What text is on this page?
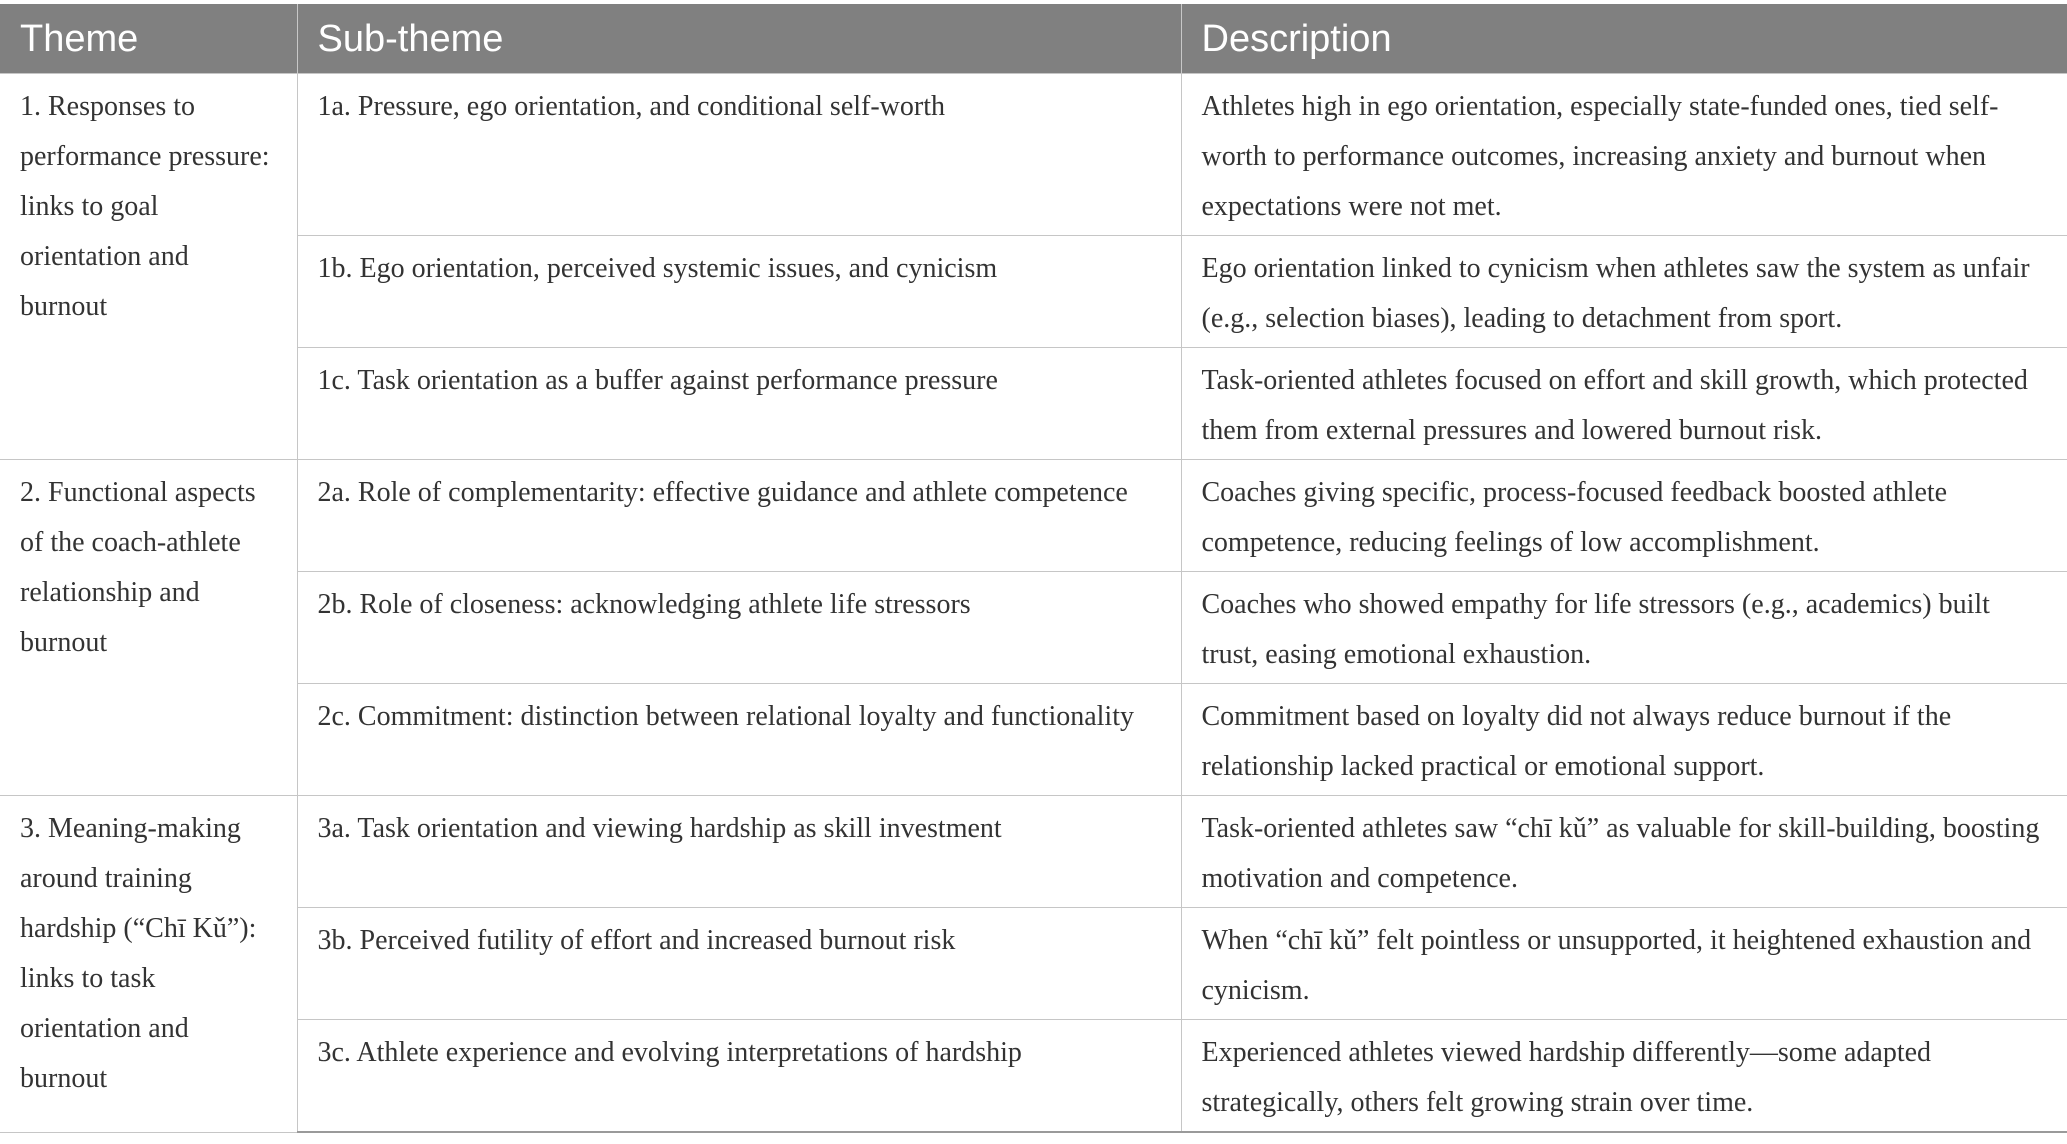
Theme	Sub-theme	Description
1. Responses to performance pressure: links to goal orientation and burnout	1a. Pressure, ego orientation, and conditional self-worth	Athletes high in ego orientation, especially state-funded ones, tied self-worth to performance outcomes, increasing anxiety and burnout when expectations were not met.
	1b. Ego orientation, perceived systemic issues, and cynicism	Ego orientation linked to cynicism when athletes saw the system as unfair (e.g., selection biases), leading to detachment from sport.
	1c. Task orientation as a buffer against performance pressure	Task-oriented athletes focused on effort and skill growth, which protected them from external pressures and lowered burnout risk.
2. Functional aspects of the coach-athlete relationship and burnout	2a. Role of complementarity: effective guidance and athlete competence	Coaches giving specific, process-focused feedback boosted athlete competence, reducing feelings of low accomplishment.
	2b. Role of closeness: acknowledging athlete life stressors	Coaches who showed empathy for life stressors (e.g., academics) built trust, easing emotional exhaustion.
	2c. Commitment: distinction between relational loyalty and functionality	Commitment based on loyalty did not always reduce burnout if the relationship lacked practical or emotional support.
3. Meaning-making around training hardship (“Chī Kǔ”): links to task orientation and burnout	3a. Task orientation and viewing hardship as skill investment	Task-oriented athletes saw “chī kǔ” as valuable for skill-building, boosting motivation and competence.
	3b. Perceived futility of effort and increased burnout risk	When “chī kǔ” felt pointless or unsupported, it heightened exhaustion and cynicism.
	3c. Athlete experience and evolving interpretations of hardship	Experienced athletes viewed hardship differently—some adapted strategically, others felt growing strain over time.
